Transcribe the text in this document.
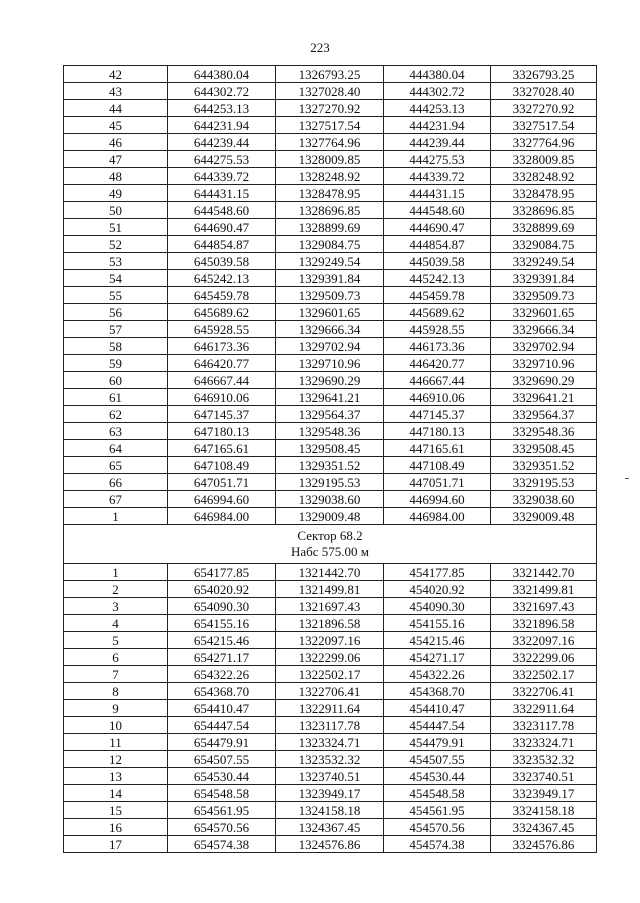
223
42	644380.04	1326793.25	444380.04	3326793.25
43	644302.72	1327028.40	444302.72	3327028.40
44	644253.13	1327270.92	444253.13	3327270.92
45	644231.94	1327517.54	444231.94	3327517.54
46	644239.44	1327764.96	444239.44	3327764.96
47	644275.53	1328009.85	444275.53	3328009.85
48	644339.72	1328248.92	444339.72	3328248.92
49	644431.15	1328478.95	444431.15	3328478.95
50	644548.60	1328696.85	444548.60	3328696.85
51	644690.47	1328899.69	444690.47	3328899.69
52	644854.87	1329084.75	444854.87	3329084.75
53	645039.58	1329249.54	445039.58	3329249.54
54	645242.13	1329391.84	445242.13	3329391.84
55	645459.78	1329509.73	445459.78	3329509.73
56	645689.62	1329601.65	445689.62	3329601.65
57	645928.55	1329666.34	445928.55	3329666.34
58	646173.36	1329702.94	446173.36	3329702.94
59	646420.77	1329710.96	446420.77	3329710.96
60	646667.44	1329690.29	446667.44	3329690.29
61	646910.06	1329641.21	446910.06	3329641.21
62	647145.37	1329564.37	447145.37	3329564.37
63	647180.13	1329548.36	447180.13	3329548.36
64	647165.61	1329508.45	447165.61	3329508.45
65	647108.49	1329351.52	447108.49	3329351.52
66	647051.71	1329195.53	447051.71	3329195.53
67	646994.60	1329038.60	446994.60	3329038.60
1	646984.00	1329009.48	446984.00	3329009.48

Сектор 68.2
Набс 575.00 м				

1	654177.85	1321442.70	454177.85	3321442.70
2	654020.92	1321499.81	454020.92	3321499.81
3	654090.30	1321697.43	454090.30	3321697.43
4	654155.16	1321896.58	454155.16	3321896.58
5	654215.46	1322097.16	454215.46	3322097.16
6	654271.17	1322299.06	454271.17	3322299.06
7	654322.26	1322502.17	454322.26	3322502.17
8	654368.70	1322706.41	454368.70	3322706.41
9	654410.47	1322911.64	454410.47	3322911.64
10	654447.54	1323117.78	454447.54	3323117.78
11	654479.91	1323324.71	454479.91	3323324.71
12	654507.55	1323532.32	454507.55	3323532.32
13	654530.44	1323740.51	454530.44	3323740.51
14	654548.58	1323949.17	454548.58	3323949.17
15	654561.95	1324158.18	454561.95	3324158.18
16	654570.56	1324367.45	454570.56	3324367.45
17	654574.38	1324576.86	454574.38	3324576.86
